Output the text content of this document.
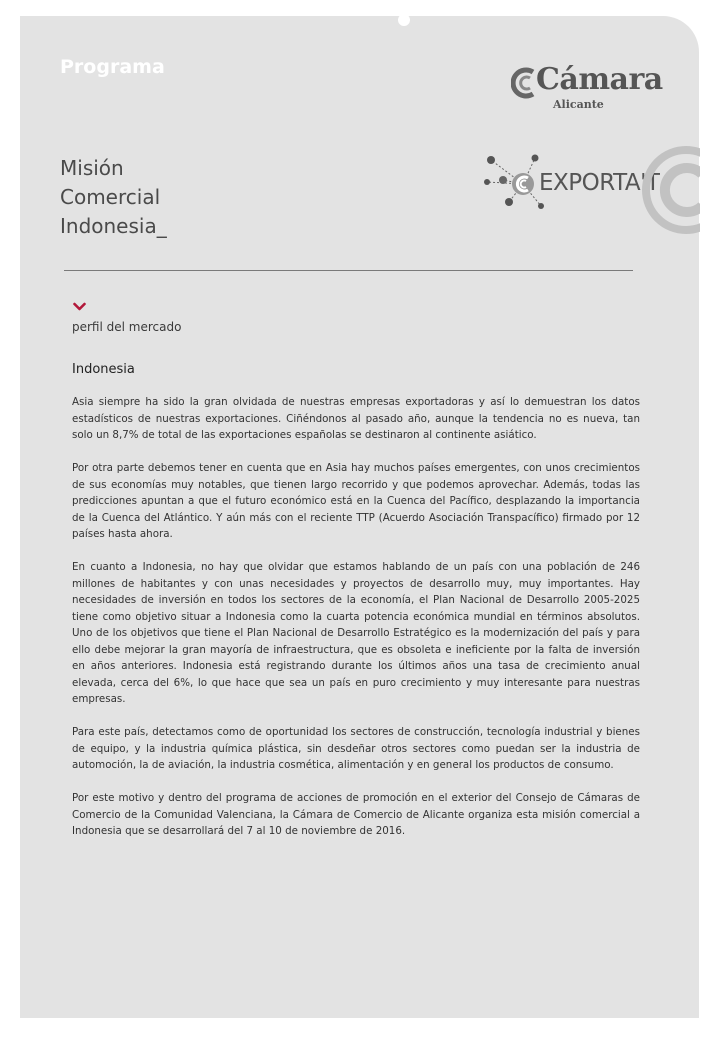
Programa	Cámara
Alicante
Misión
Comercial
Indonesia_
EXPORTA'T
perfil del mercado
Indonesia

Asia siempre ha sido la gran olvidada de nuestras empresas exportadoras y así lo demuestran los datos estadísticos de nuestras exportaciones. Ciñéndonos al pasado año, aunque la tendencia no es nueva, tan solo un 8,7% de total de las exportaciones españolas se destinaron al continente asiático.

Por otra parte debemos tener en cuenta que en Asia hay muchos países emergentes, con unos crecimientos de sus economías muy notables, que tienen largo recorrido y que podemos aprovechar. Además, todas las predicciones apuntan a que el futuro económico está en la Cuenca del Pacífico, desplazando la importancia de la Cuenca del Atlántico. Y aún más con el reciente TTP (Acuerdo Asociación Transpacífico) firmado por 12 países hasta ahora.

En cuanto a Indonesia, no hay que olvidar que estamos hablando de un país con una población de 246 millones de habitantes y con unas necesidades y proyectos de desarrollo muy, muy importantes. Hay necesidades de inversión en todos los sectores de la economía, el Plan Nacional de Desarrollo 2005-2025 tiene como objetivo situar a Indonesia como la cuarta potencia económica mundial en términos absolutos. Uno de los objetivos que tiene el Plan Nacional de Desarrollo Estratégico es la modernización del país y para ello debe mejorar la gran mayoría de infraestructura, que es obsoleta e ineficiente por la falta de inversión en años anteriores. Indonesia está registrando durante los últimos años una tasa de crecimiento anual elevada, cerca del 6%, lo que hace que sea un país en puro crecimiento y muy interesante para nuestras empresas.

Para este país, detectamos como de oportunidad los sectores de construcción, tecnología industrial y bienes de equipo, y la industria química plástica, sin desdeñar otros sectores como puedan ser la industria de automoción, la de aviación, la industria cosmética, alimentación y en general los productos de consumo.

Por este motivo y dentro del programa de acciones de promoción en el exterior del Consejo de Cámaras de Comercio de la Comunidad Valenciana, la Cámara de Comercio de Alicante organiza esta misión comercial a Indonesia que se desarrollará del 7 al 10 de noviembre de 2016.
